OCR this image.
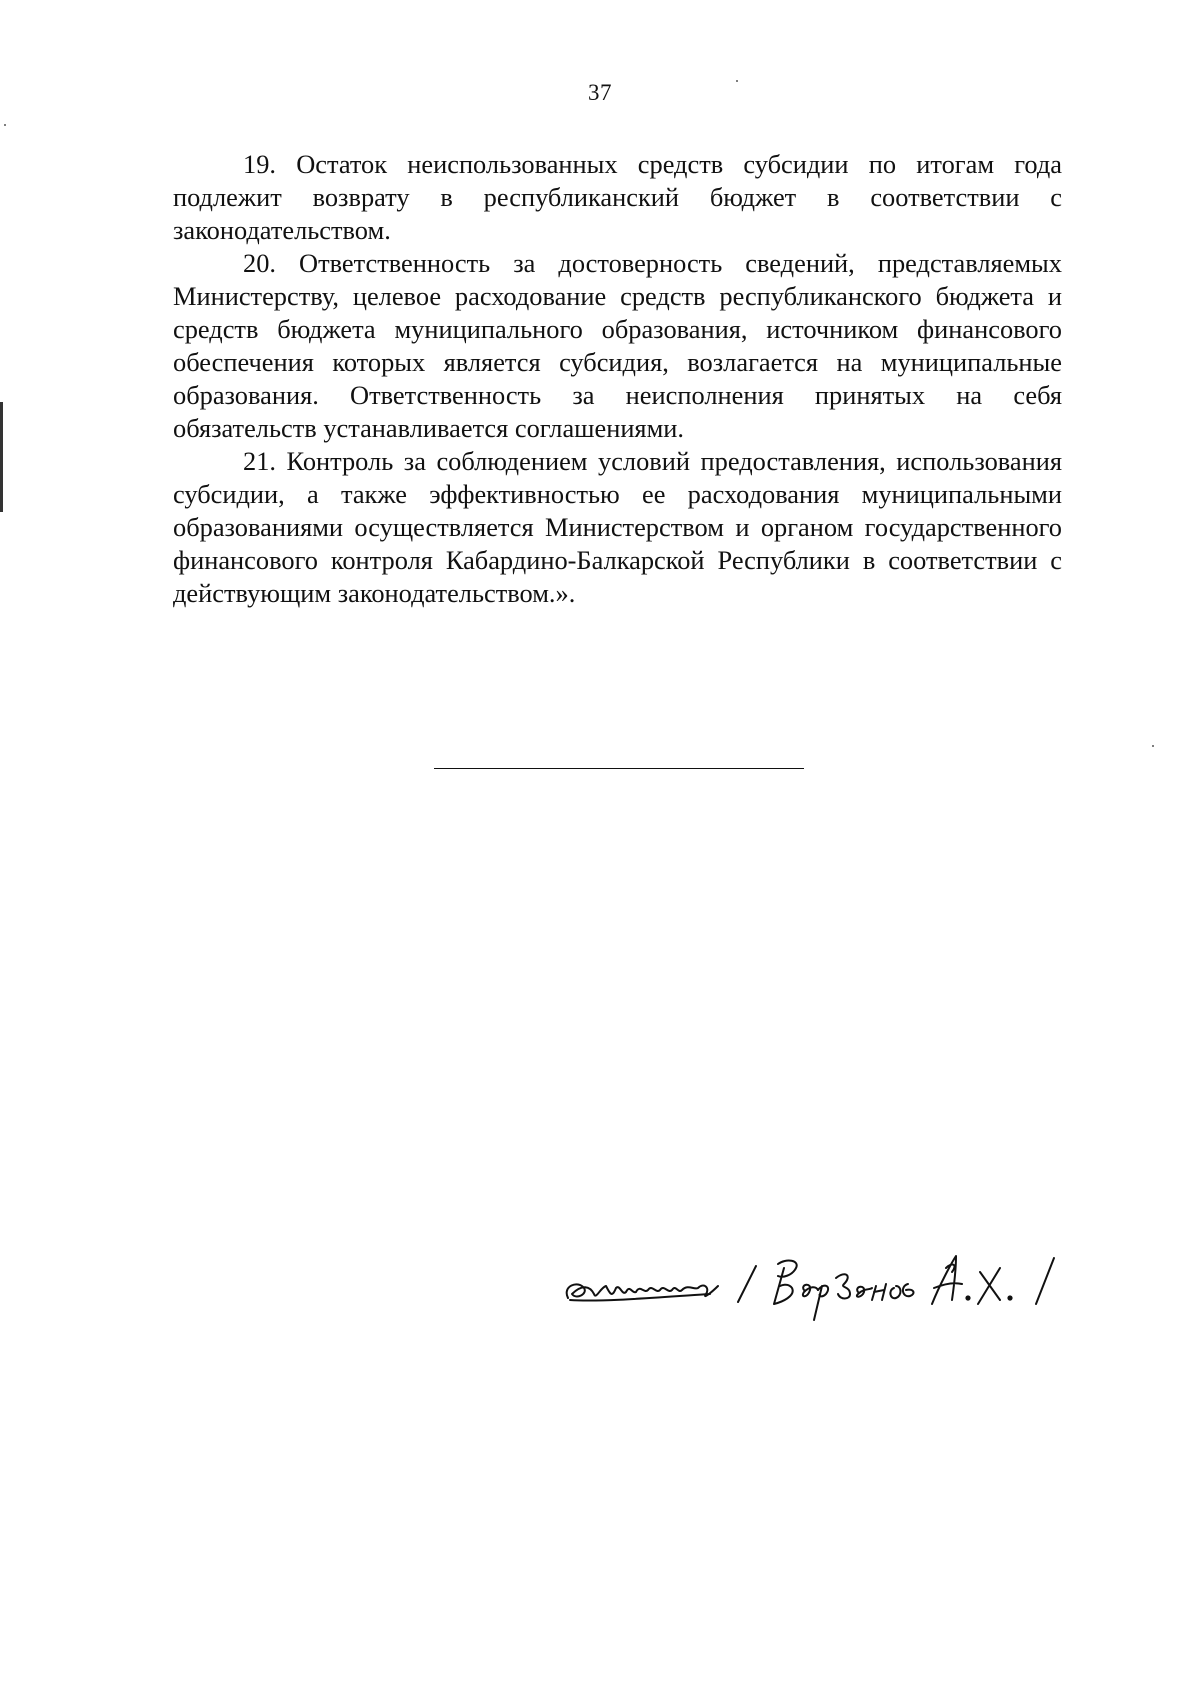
37

19. Остаток неиспользованных средств субсидии по итогам года подлежит возврату в республиканский бюджет в соответствии с законодательством.

20. Ответственность за достоверность сведений, представляемых Министерству, целевое расходование средств республиканского бюджета и средств бюджета муниципального образования, источником финансового обеспечения которых является субсидия, возлагается на муниципальные образования. Ответственность за неисполнения принятых на себя обязательств устанавливается соглашениями.

21. Контроль за соблюдением условий предоставления, использования субсидии, а также эффективностью ее расходования муниципальными образованиями осуществляется Министерством и органом государственного финансового контроля Кабардино-Балкарской Республики в соответствии с действующим законодательством.».
